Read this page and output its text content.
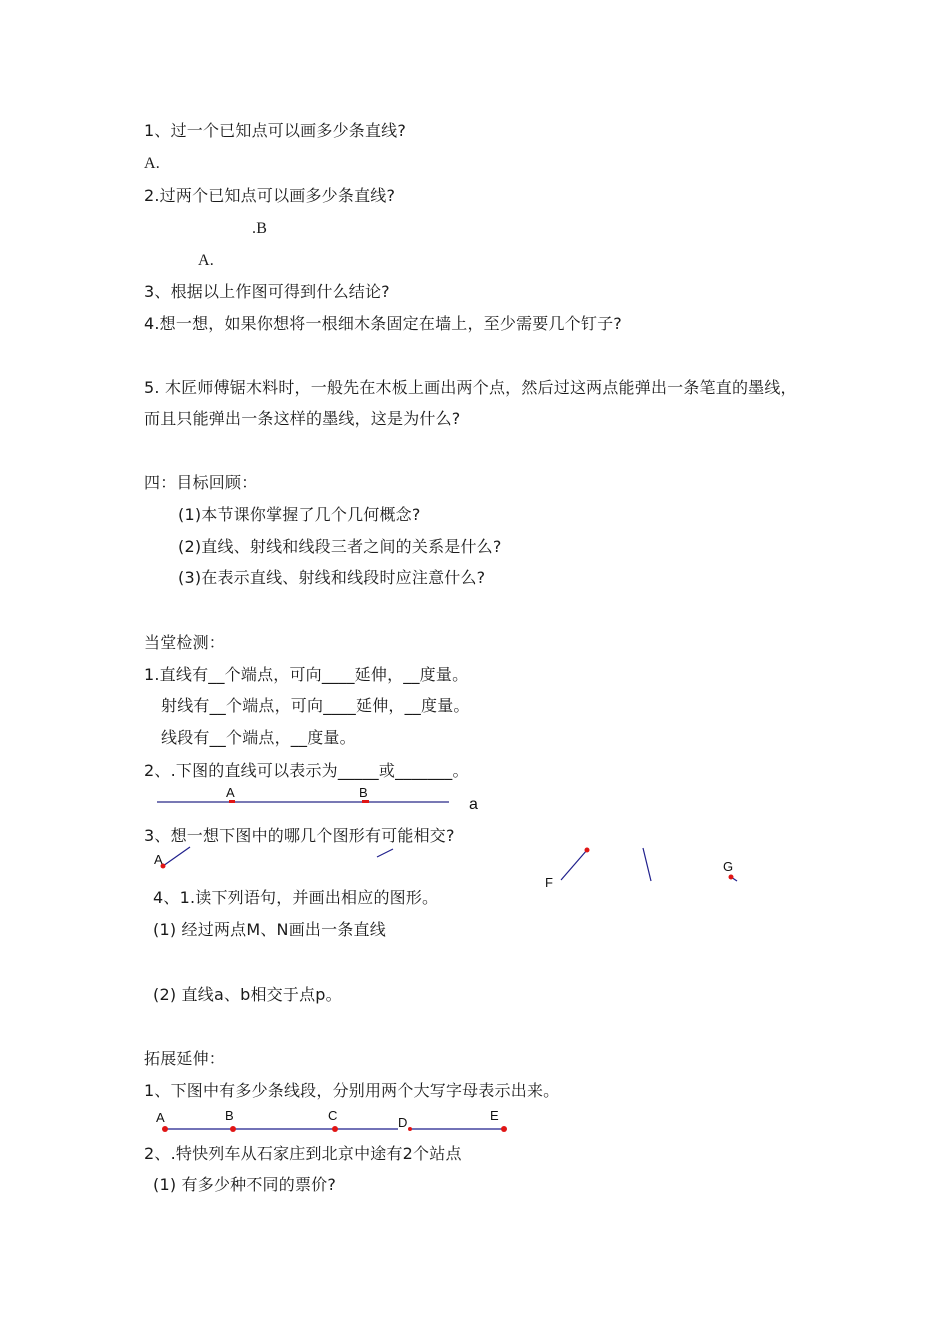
1、过一个已知点可以画多少条直线?
A.
2.过两个已知点可以画多少条直线?
.B
A.
3、根据以上作图可得到什么结论?
4.想一想，如果你想将一根细木条固定在墙上，至少需要几个钉子?
5. 木匠师傅锯木料时，一般先在木板上画出两个点，然后过这两点能弹出一条笔直的墨线，
而且只能弹出一条这样的墨线，这是为什么?
四：目标回顾：
(1)本节课你掌握了几个几何概念?
(2)直线、射线和线段三者之间的关系是什么?
(3)在表示直线、射线和线段时应注意什么?
当堂检测：
1.直线有__个端点，可向____延伸，__度量。
射线有__个端点，可向____延伸，__度量。
线段有__个端点，__度量。
2、.下图的直线可以表示为_____或_______。
A	B
a
3、想一想下图中的哪几个图形有可能相交?
A
F
G
4、1.读下列语句，并画出相应的图形。
(1) 经过两点M、N画出一条直线
(2) 直线a、b相交于点p。
拓展延伸：
1、下图中有多少条线段，分别用两个大写字母表示出来。
A	B	C	D	E
2、.特快列车从石家庄到北京中途有2个站点
(1) 有多少种不同的票价?
